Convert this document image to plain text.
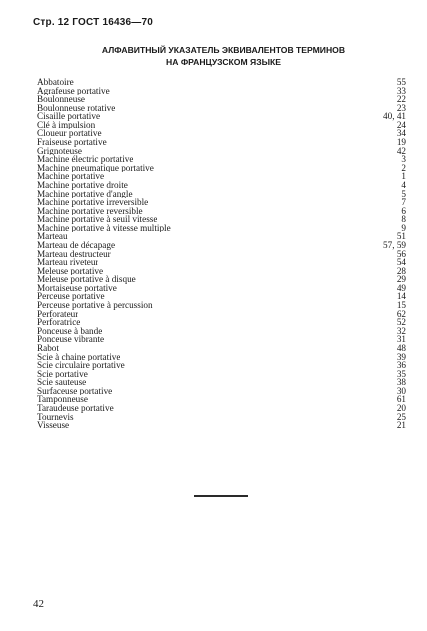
Стр. 12 ГОСТ 16436—70
АЛФАВИТНЫЙ УКАЗАТЕЛЬ ЭКВИВАЛЕНТОВ ТЕРМИНОВ
НА ФРАНЦУЗСКОМ ЯЗЫКЕ
Abbatoire	55
Agrafeuse portative	33
Boulonneuse	22
Boulonneuse rotative	23
Cisaille portative	40, 41
Clé à impulsion	24
Cloueur portative	34
Fraiseuse portative	19
Grignoteuse	42
Machine électric portative	3
Machine pneumatique portative	2
Machine portative	1
Machine portative droite	4
Machine portative d'angle	5
Machine portative irreversible	7
Machine portative reversible	6
Machine portative à seuil vitesse	8
Machine portative à vitesse multiple	9
Marteau	51
Marteau de décapage	57, 59
Marteau destructeur	56
Marteau riveteur	54
Meleuse portative	28
Meleuse portative à disque	29
Mortaiseuse portative	49
Perceuse portative	14
Perceuse portative à percussion	15
Perforateur	62
Perforatrice	52
Ponceuse à bande	32
Ponceuse vibrante	31
Rabot	48
Scie à chaine portative	39
Scie circulaire portative	36
Scie portative	35
Scie sauteuse	38
Surfaceuse portative	30
Tamponneuse	61
Taraudeuse portative	20
Tournevis	25
Visseuse	21
42
